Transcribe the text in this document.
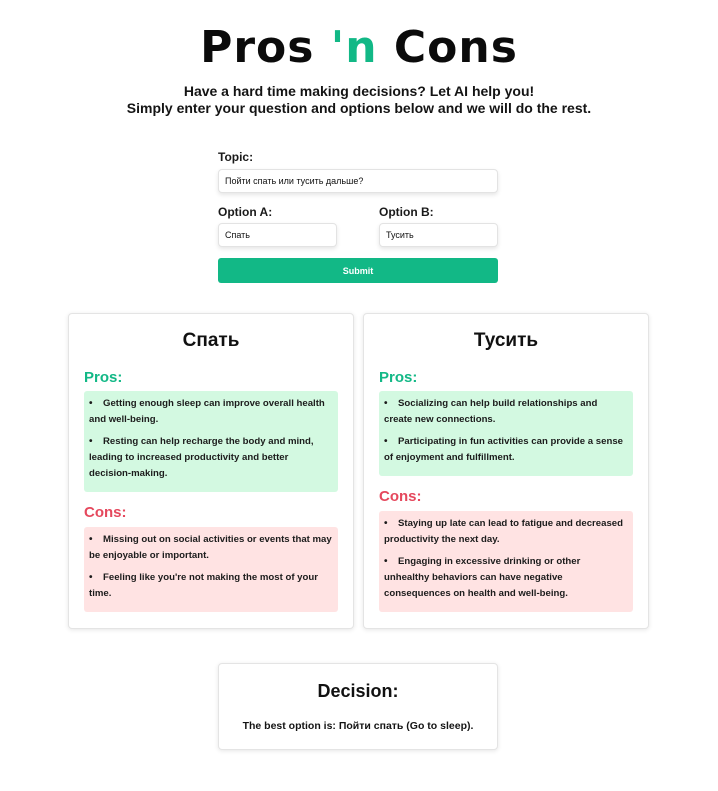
Pros 'n Cons
Have a hard time making decisions? Let AI help you!
Simply enter your question and options below and we will do the rest.
Topic:
Пойти спать или тусить дальше?
Option A:
Спать	Option B:
Тусить
Submit
Спать
Pros:
• Getting enough sleep can improve overall health and well-being.
• Resting can help recharge the body and mind, leading to increased productivity and better decision-making.
Cons:
• Missing out on social activities or events that may be enjoyable or important.
• Feeling like you're not making the most of your time.
Тусить
Pros:
• Socializing can help build relationships and create new connections.
• Participating in fun activities can provide a sense of enjoyment and fulfillment.
Cons:
• Staying up late can lead to fatigue and decreased productivity the next day.
• Engaging in excessive drinking or other unhealthy behaviors can have negative consequences on health and well-being.
Decision:
The best option is: Пойти спать (Go to sleep).
